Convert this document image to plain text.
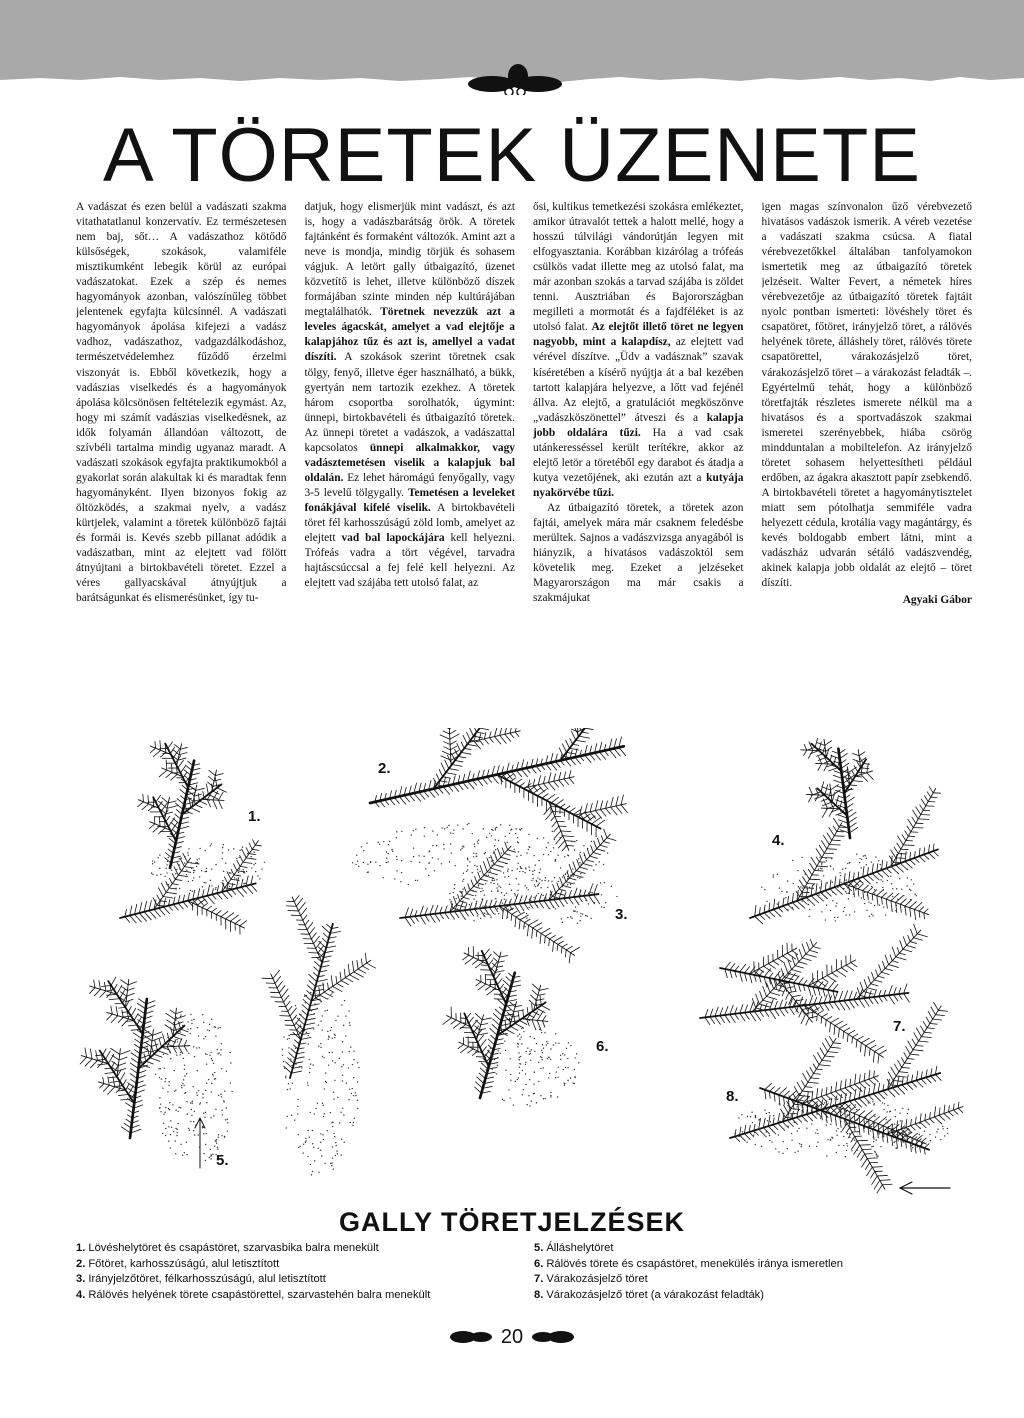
A TÖRETEK ÜZENETE

A vadászat és ezen belül a vadászati szakma vitathatatlanul konzervatív. Ez természetesen nem baj, sőt… A vadászathoz kötődő külsőségek, szokások, valamiféle misztikumként lebegik körül az európai vadászatokat. Ezek a szép és nemes hagyományok azonban, valószínűleg többet jelentenek egyfajta külcsínnél. A vadászati hagyományok ápolása kifejezi a vadász vadhoz, vadászathoz, vadgazdálkodáshoz, természetvédelemhez fűződő érzelmi viszonyát is. Ebből következik, hogy a vadászias viselkedés és a hagyományok ápolása kölcsönösen feltételezik egymást. Az, hogy mi számít vadászias viselkedésnek, az idők folyamán állandóan változott, de szívbéli tartalma mindig ugyanaz maradt. A vadászati szokások egyfajta praktikumokból a gyakorlat során alakultak ki és maradtak fenn hagyományként. Ilyen bizonyos fokig az öltözködés, a szakmai nyelv, a vadász kürtjelek, valamint a töretek különböző fajtái és formái is. Kevés szebb pillanat adódik a vadászatban, mint az elejtett vad fölött átnyújtani a birtokbavételi töretet. Ezzel a véres gallyacskával átnyújtjuk a barátságunkat és elismerésünket, így tu-

datjuk, hogy elismerjük mint vadászt, és azt is, hogy a vadászbarátság örök. A töretek fajtánként és formaként változók. Amint azt a neve is mondja, mindig törjük és sohasem vágjuk. A letört gally útbaigazító, üzenet közvetítő is lehet, illetve különböző díszek formájában szinte minden nép kultúrájában megtalálhatók. Töretnek nevezzük azt a leveles ágacskát, amelyet a vad elejtője a kalapjához tűz és azt is, amellyel a vadat díszíti. A szokások szerint töretnek csak tölgy, fenyő, illetve éger használható, a bükk, gyertyán nem tartozik ezekhez. A töretek három csoportba sorolhatók, úgymint: ünnepi, birtokbavételi és útbaigazító töretek. Az ünnepi töretet a vadászok, a vadászattal kapcsolatos ünnepi alkalmakkor, vagy vadásztemetésen viselik a kalapjuk bal oldalán. Ez lehet háromágú fenyőgally, vagy 3-5 levelű tölgygally. Temetésen a leveleket fonákjával kifelé viselik. A birtokbavételi töret fél karhosszúságú zöld lomb, amelyet az elejtett vad bal lapockájára kell helyezni. Trófeás vadra a tört végével, tarvadra hajtáscsúccsal a fej felé kell helyezni. Az elejtett vad szájába tett utolsó falat, az

ősi, kultikus temetkezési szokásra emlékeztet, amikor útravalót tettek a halott mellé, hogy a hosszú túlvilági vándorútján legyen mit elfogyasztania. Korábban kizárólag a trófeás csülkös vadat illette meg az utolsó falat, ma már azonban szokás a tarvad szájába is zöldet tenni. Ausztriában és Bajorországban megilleti a mormotát és a fajdféléket is az utolsó falat. Az elejtőt illető töret ne legyen nagyobb, mint a kalapdísz, az elejtett vad vérével díszítve. „Üdv a vadásznak” szavak kíséretében a kísérő nyújtja át a bal kezében tartott kalapjára helyezve, a lőtt vad fejénél állva. Az elejtő, a gratulációt megköszönve „vadászköszönettel” átveszi és a kalapja jobb oldalára tűzi. Ha a vad csak utánkeresséssel került terítékre, akkor az elejtő letör a töretéből egy darabot és átadja a kutya vezetőjének, aki ezután azt a kutyája nyakörvébe tűzi.

Az útbaigazító töretek, a töretek azon fajtái, amelyek mára már csaknem feledésbe merültek. Sajnos a vadászvizsga anyagából is hiányzik, a hivatásos vadászoktól sem követelik meg. Ezeket a jelzéseket Magyarországon ma már csakis a szakmájukat

igen magas színvonalon űző vérebvezető hivatásos vadászok ismerik. A véreb vezetése a vadászati szakma csúcsa. A fiatal vérebvezetőkkel általában tanfolyamokon ismertetik meg az útbaigazító töretek jelzéseit. Walter Fevert, a németek híres vérebvezetője az útbaigazító töretek fajtáit nyolc pontban ismerteti: lövéshely töret és csapatöret, főtöret, irányjelző töret, a rálövés helyének törete, álláshely töret, rálövés törete csapatörettel, várakozásjelző töret, várakozásjelző töret – a várakozást feladták –. Egyértelmű tehát, hogy a különböző töretfajták részletes ismerete nélkül ma a hivatásos és a sportvadászok szakmai ismeretei szerényebbek, hiába csörög mindduntalan a mobiltelefon. Az irányjelző töretet sohasem helyettesítheti például erdőben, az ágakra akasztott papír zsebkendő. A birtokbavételi töretet a hagyománytisztelet miatt sem pótolhatja semmiféle vadra helyezett cédula, krotália vagy magántárgy, és kevés boldogabb embert látni, mint a vadászház udvarán sétáló vadászvendég, akinek kalapja jobb oldalát az elejtő – töret díszíti.

Agyaki Gábor

1.
2.
3.
4.
5.
6.
7.
8.
GALLY TÖRETJELZÉSEK
1. Lövéshelytöret és csapástöret, szarvasbika balra menekült
2. Főtöret, karhosszúságú, alul letisztított
3. Irányjelzőtöret, félkarhosszúságú, alul letisztított
4. Rálövés helyének törete csapástörettel, szarvastehén balra menekült
5. Álláshelytöret
6. Rálövés törete és csapástöret, menekülés iránya ismeretlen
7. Várakozásjelző töret
8. Várakozásjelző töret (a várakozást feladták)
20
